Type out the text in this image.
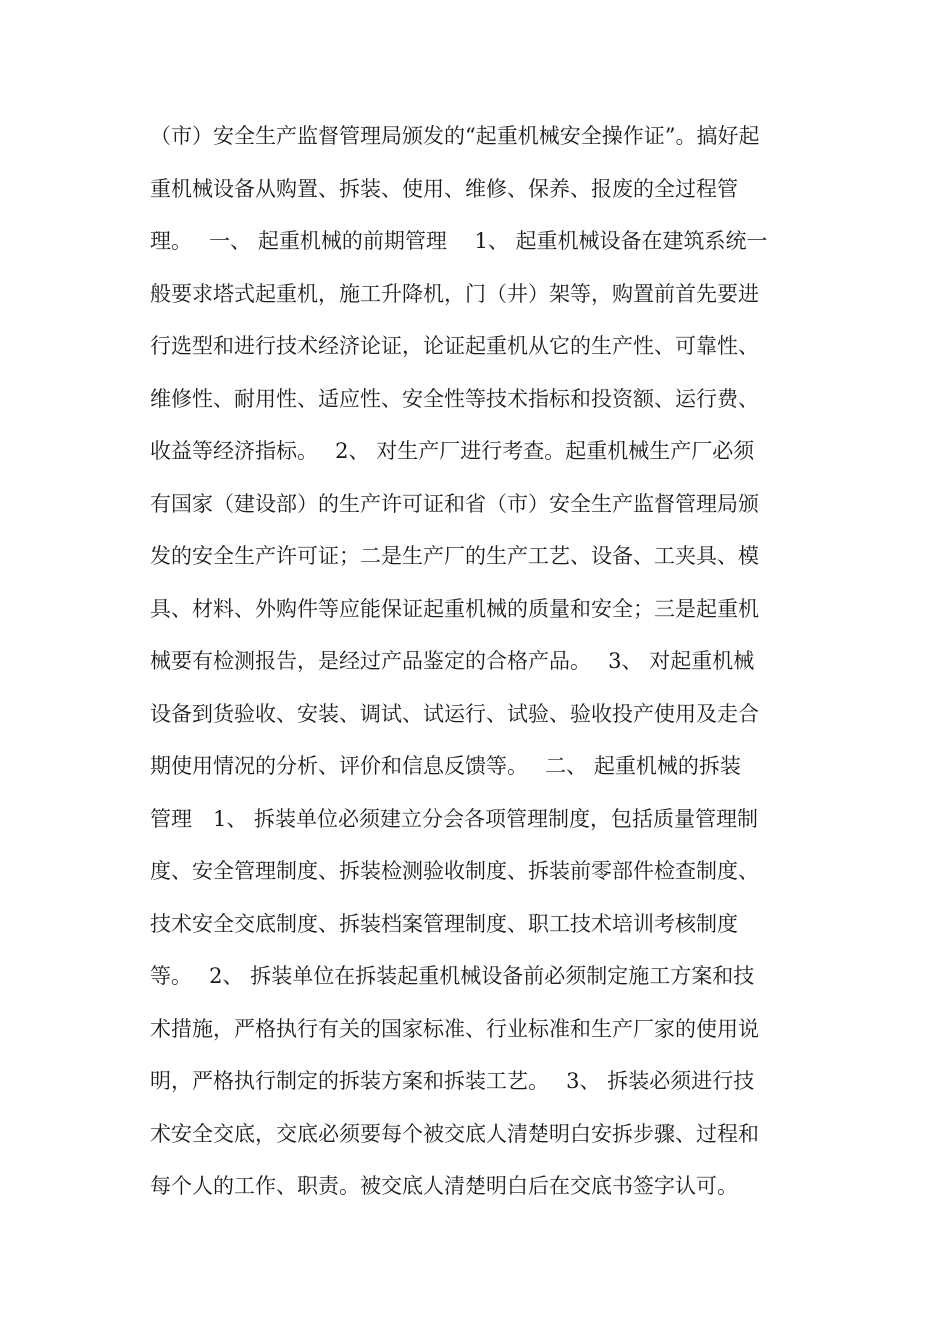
（市）安全生产监督管理局颁发的“起重机械安全操作证”。搞好起
重机械设备从购置、拆装、使用、维修、保养、报废的全过程管
理。　 一、 起重机械的前期管理　 1、 起重机械设备在建筑系统一
般要求塔式起重机，施工升降机，门（井）架等，购置前首先要进
行选型和进行技术经济论证，论证起重机从它的生产性、可靠性、
维修性、耐用性、适应性、安全性等技术指标和投资额、运行费、
收益等经济指标。　 2、 对生产厂进行考查。起重机械生产厂必须
有国家（建设部）的生产许可证和省（市）安全生产监督管理局颁
发的安全生产许可证；二是生产厂的生产工艺、设备、工夹具、模
具、材料、外购件等应能保证起重机械的质量和安全；三是起重机
械要有检测报告，是经过产品鉴定的合格产品。　 3、 对起重机械
设备到货验收、安装、调试、试运行、试验、验收投产使用及走合
期使用情况的分析、评价和信息反馈等。　 二、 起重机械的拆装
管理　1、 拆装单位必须建立分会各项管理制度，包括质量管理制
度、安全管理制度、拆装检测验收制度、拆装前零部件检查制度、
技术安全交底制度、拆装档案管理制度、职工技术培训考核制度
等。　 2、 拆装单位在拆装起重机械设备前必须制定施工方案和技
术措施，严格执行有关的国家标准、行业标准和生产厂家的使用说
明，严格执行制定的拆装方案和拆装工艺。　 3、 拆装必须进行技
术安全交底，交底必须要每个被交底人清楚明白安拆步骤、过程和
每个人的工作、职责。被交底人清楚明白后在交底书签字认可。
